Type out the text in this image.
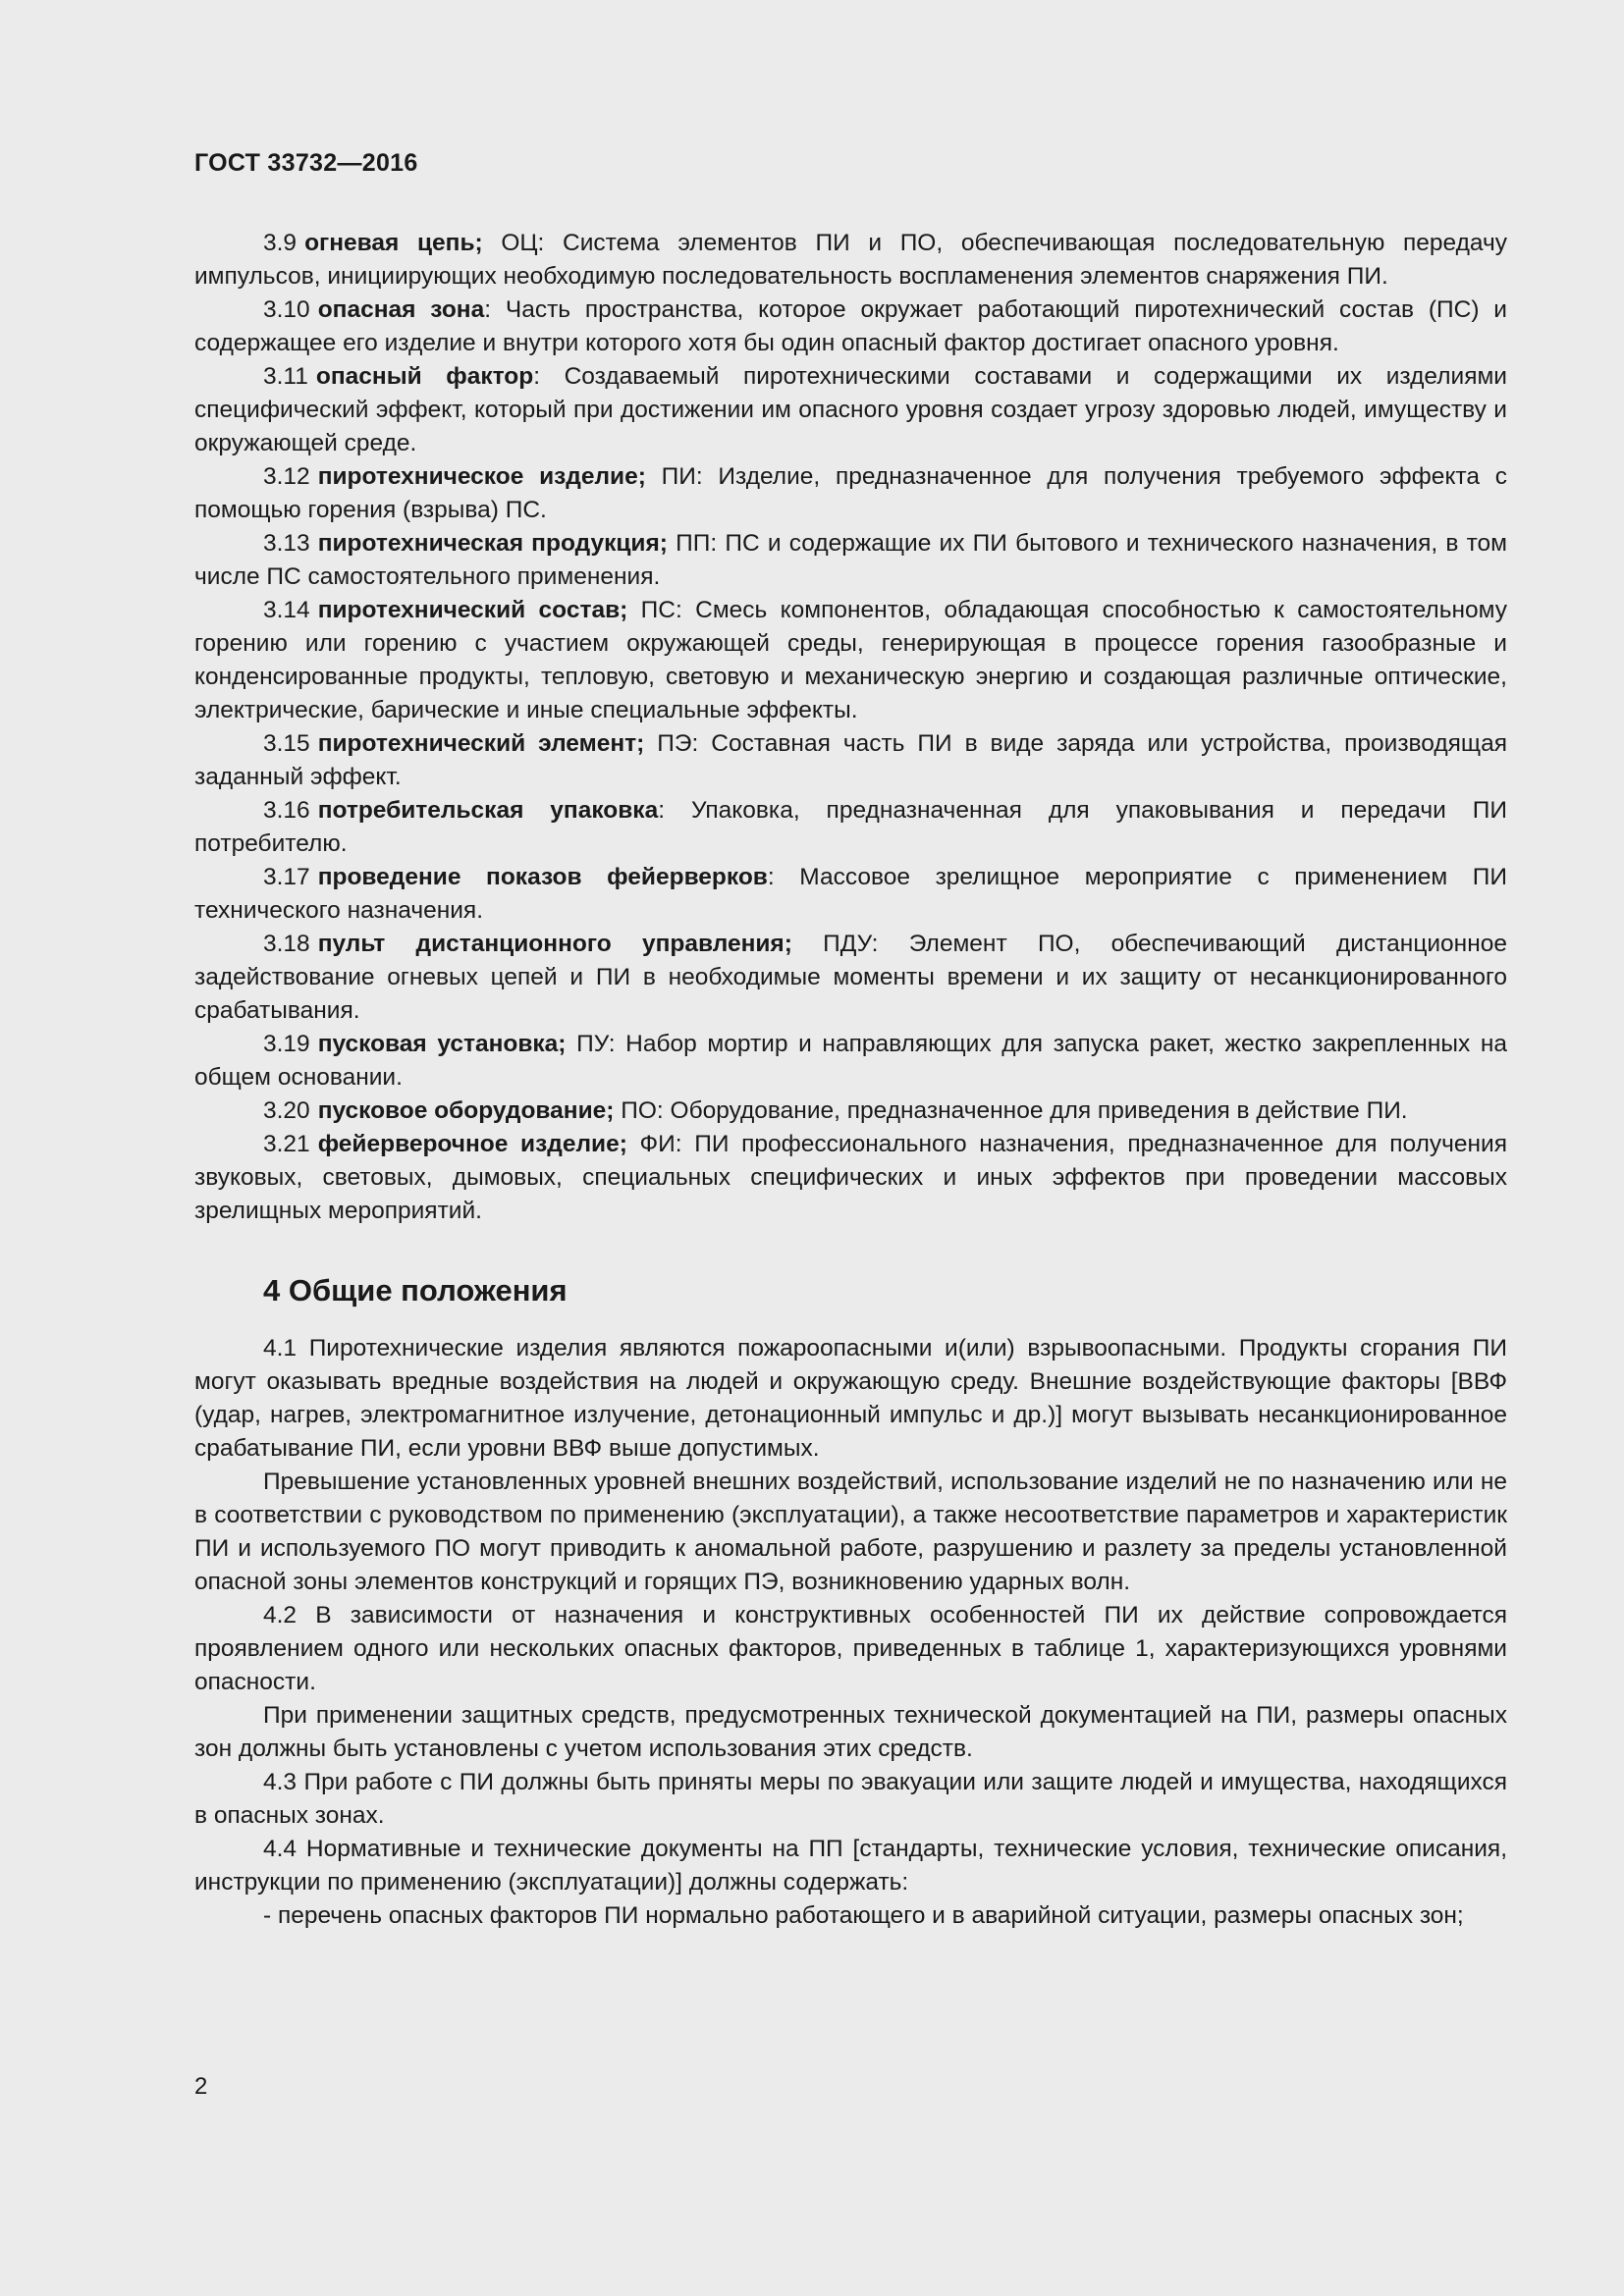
ГОСТ 33732—2016

3.9 огневая цепь; ОЦ: Система элементов ПИ и ПО, обеспечивающая последовательную передачу импульсов, инициирующих необходимую последовательность воспламенения элементов снаряжения ПИ.

3.10 опасная зона: Часть пространства, которое окружает работающий пиротехнический состав (ПС) и содержащее его изделие и внутри которого хотя бы один опасный фактор достигает опасного уровня.

3.11 опасный фактор: Создаваемый пиротехническими составами и содержащими их изделиями специфический эффект, который при достижении им опасного уровня создает угрозу здоровью людей, имуществу и окружающей среде.

3.12 пиротехническое изделие; ПИ: Изделие, предназначенное для получения требуемого эффекта с помощью горения (взрыва) ПС.

3.13 пиротехническая продукция; ПП: ПС и содержащие их ПИ бытового и технического назначения, в том числе ПС самостоятельного применения.

3.14 пиротехнический состав; ПС: Смесь компонентов, обладающая способностью к самостоятельному горению или горению с участием окружающей среды, генерирующая в процессе горения газообразные и конденсированные продукты, тепловую, световую и механическую энергию и создающая различные оптические, электрические, барические и иные специальные эффекты.

3.15 пиротехнический элемент; ПЭ: Составная часть ПИ в виде заряда или устройства, производящая заданный эффект.

3.16 потребительская упаковка: Упаковка, предназначенная для упаковывания и передачи ПИ потребителю.

3.17 проведение показов фейерверков: Массовое зрелищное мероприятие с применением ПИ технического назначения.

3.18 пульт дистанционного управления; ПДУ: Элемент ПО, обеспечивающий дистанционное задействование огневых цепей и ПИ в необходимые моменты времени и их защиту от несанкционированного срабатывания.

3.19 пусковая установка; ПУ: Набор мортир и направляющих для запуска ракет, жестко закрепленных на общем основании.

3.20 пусковое оборудование; ПО: Оборудование, предназначенное для приведения в действие ПИ.

3.21 фейерверочное изделие; ФИ: ПИ профессионального назначения, предназначенное для получения звуковых, световых, дымовых, специальных специфических и иных эффектов при проведении массовых зрелищных мероприятий.

4 Общие положения

4.1 Пиротехнические изделия являются пожароопасными и(или) взрывоопасными. Продукты сгорания ПИ могут оказывать вредные воздействия на людей и окружающую среду. Внешние воздействующие факторы [ВВФ (удар, нагрев, электромагнитное излучение, детонационный импульс и др.)] могут вызывать несанкционированное срабатывание ПИ, если уровни ВВФ выше допустимых.

Превышение установленных уровней внешних воздействий, использование изделий не по назначению или не в соответствии с руководством по применению (эксплуатации), а также несоответствие параметров и характеристик ПИ и используемого ПО могут приводить к аномальной работе, разрушению и разлету за пределы установленной опасной зоны элементов конструкций и горящих ПЭ, возникновению ударных волн.

4.2 В зависимости от назначения и конструктивных особенностей ПИ их действие сопровождается проявлением одного или нескольких опасных факторов, приведенных в таблице 1, характеризующихся уровнями опасности.

При применении защитных средств, предусмотренных технической документацией на ПИ, размеры опасных зон должны быть установлены с учетом использования этих средств.

4.3 При работе с ПИ должны быть приняты меры по эвакуации или защите людей и имущества, находящихся в опасных зонах.

4.4 Нормативные и технические документы на ПП [стандарты, технические условия, технические описания, инструкции по применению (эксплуатации)] должны содержать:

- перечень опасных факторов ПИ нормально работающего и в аварийной ситуации, размеры опасных зон;

2
